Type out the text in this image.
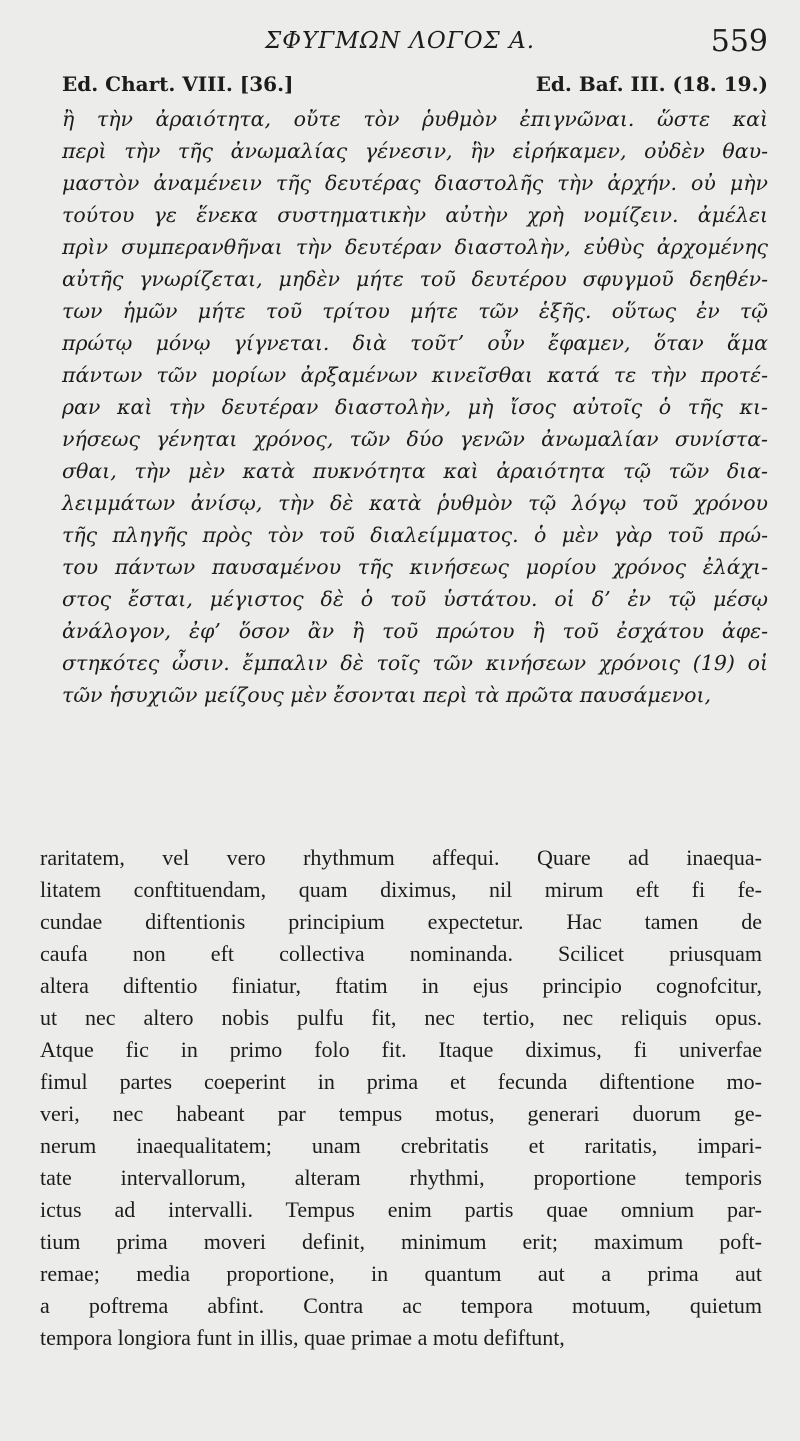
ΣΦΥΓΜΩΝ ΛΟΓΟΣ Α.	559
Ed. Chart. VIII. [36.]	Ed. Baf. III. (18. 19.)
ἢ τὴν ἀραιότητα, οὔτε τὸν ῥυθμὸν ἐπιγνῶναι. ὥστε καὶ
περὶ τὴν τῆς ἀνωμαλίας γένεσιν, ἣν εἰρήκαμεν, οὐδὲν θαυ-
μαστὸν ἀναμένειν τῆς δευτέρας διαστολῆς τὴν ἀρχήν. οὐ μὴν
τούτου γε ἕνεκα συστηματικὴν αὐτὴν χρὴ νομίζειν. ἀμέλει
πρὶν συμπερανθῆναι τὴν δευτέραν διαστολὴν, εὐθὺς ἀρχομένης
αὐτῆς γνωρίζεται, μηδὲν μήτε τοῦ δευτέρου σφυγμοῦ δεηθέν-
των ἡμῶν μήτε τοῦ τρίτου μήτε τῶν ἑξῆς. οὕτως ἐν τῷ
πρώτῳ μόνῳ γίγνεται. διὰ τοῦτ’ οὖν ἔφαμεν, ὅταν ἅμα
πάντων τῶν μορίων ἀρξαμένων κινεῖσθαι κατά τε τὴν προτέ-
ραν καὶ τὴν δευτέραν διαστολὴν, μὴ ἴσος αὐτοῖς ὁ τῆς κι-
νήσεως γένηται χρόνος, τῶν δύο γενῶν ἀνωμαλίαν συνίστα-
σθαι, τὴν μὲν κατὰ πυκνότητα καὶ ἀραιότητα τῷ τῶν δια-
λειμμάτων ἀνίσῳ, τὴν δὲ κατὰ ῥυθμὸν τῷ λόγῳ τοῦ χρόνου
τῆς πληγῆς πρὸς τὸν τοῦ διαλείμματος. ὁ μὲν γὰρ τοῦ πρώ-
του πάντων παυσαμένου τῆς κινήσεως μορίου χρόνος ἐλάχι-
στος ἔσται, μέγιστος δὲ ὁ τοῦ ὑστάτου. οἱ δ’ ἐν τῷ μέσῳ
ἀνάλογον, ἐφ’ ὅσον ἂν ἢ τοῦ πρώτου ἢ τοῦ ἐσχάτου ἀφε-
στηκότες ὦσιν. ἔμπαλιν δὲ τοῖς τῶν κινήσεων χρόνοις (19) οἱ
τῶν ἡσυχιῶν μείζους μὲν ἔσονται περὶ τὰ πρῶτα παυσάμενοι,
raritatem, vel vero rhythmum affequi. Quare ad inaequa-
litatem conftituendam, quam diximus, nil mirum eft fi fe-
cundae diftentionis principium expectetur. Hac tamen de
caufa non eft collectiva nominanda. Scilicet priusquam
altera diftentio finiatur, ftatim in ejus principio cognofcitur,
ut nec altero nobis pulfu fit, nec tertio, nec reliquis opus.
Atque fic in primo folo fit. Itaque diximus, fi univerfae
fimul partes coeperint in prima et fecunda diftentione mo-
veri, nec habeant par tempus motus, generari duorum ge-
nerum inaequalitatem; unam crebritatis et raritatis, impari-
tate intervallorum, alteram rhythmi, proportione temporis
ictus ad intervalli. Tempus enim partis quae omnium par-
tium prima moveri definit, minimum erit; maximum poft-
remae; media proportione, in quantum aut a prima aut
a poftrema abfint. Contra ac tempora motuum, quietum
tempora longiora funt in illis, quae primae a motu defiftunt,
